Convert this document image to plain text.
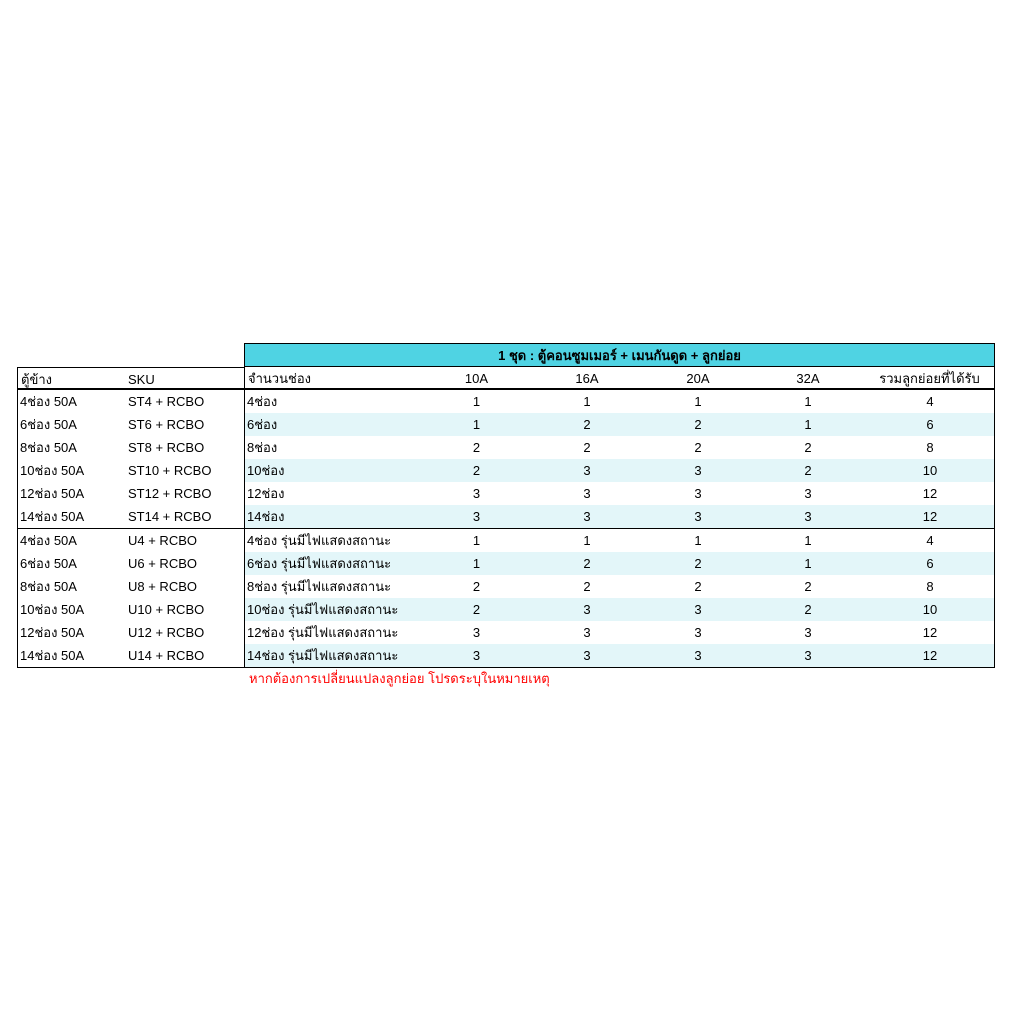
1 ชุด : ตู้คอนซูมเมอร์ + เมนกันดูด + ลูกย่อย
ตู้ข้าง	SKU	จำนวนช่อง	10A	16A	20A	32A	รวมลูกย่อยที่ได้รับ
4ช่อง 50A	ST4 + RCBO	4ช่อง	1	1	1	1	4
6ช่อง 50A	ST6 + RCBO	6ช่อง	1	2	2	1	6
8ช่อง 50A	ST8 + RCBO	8ช่อง	2	2	2	2	8
10ช่อง 50A	ST10 + RCBO	10ช่อง	2	3	3	2	10
12ช่อง 50A	ST12 + RCBO	12ช่อง	3	3	3	3	12
14ช่อง 50A	ST14 + RCBO	14ช่อง	3	3	3	3	12
4ช่อง 50A	U4 + RCBO	4ช่อง รุ่นมีไฟแสดงสถานะ	1	1	1	1	4
6ช่อง 50A	U6 + RCBO	6ช่อง รุ่นมีไฟแสดงสถานะ	1	2	2	1	6
8ช่อง 50A	U8 + RCBO	8ช่อง รุ่นมีไฟแสดงสถานะ	2	2	2	2	8
10ช่อง 50A	U10 + RCBO	10ช่อง รุ่นมีไฟแสดงสถานะ	2	3	3	2	10
12ช่อง 50A	U12 + RCBO	12ช่อง รุ่นมีไฟแสดงสถานะ	3	3	3	3	12
14ช่อง 50A	U14 + RCBO	14ช่อง รุ่นมีไฟแสดงสถานะ	3	3	3	3	12
หากต้องการเปลี่ยนแปลงลูกย่อย โปรดระบุในหมายเหตุ
